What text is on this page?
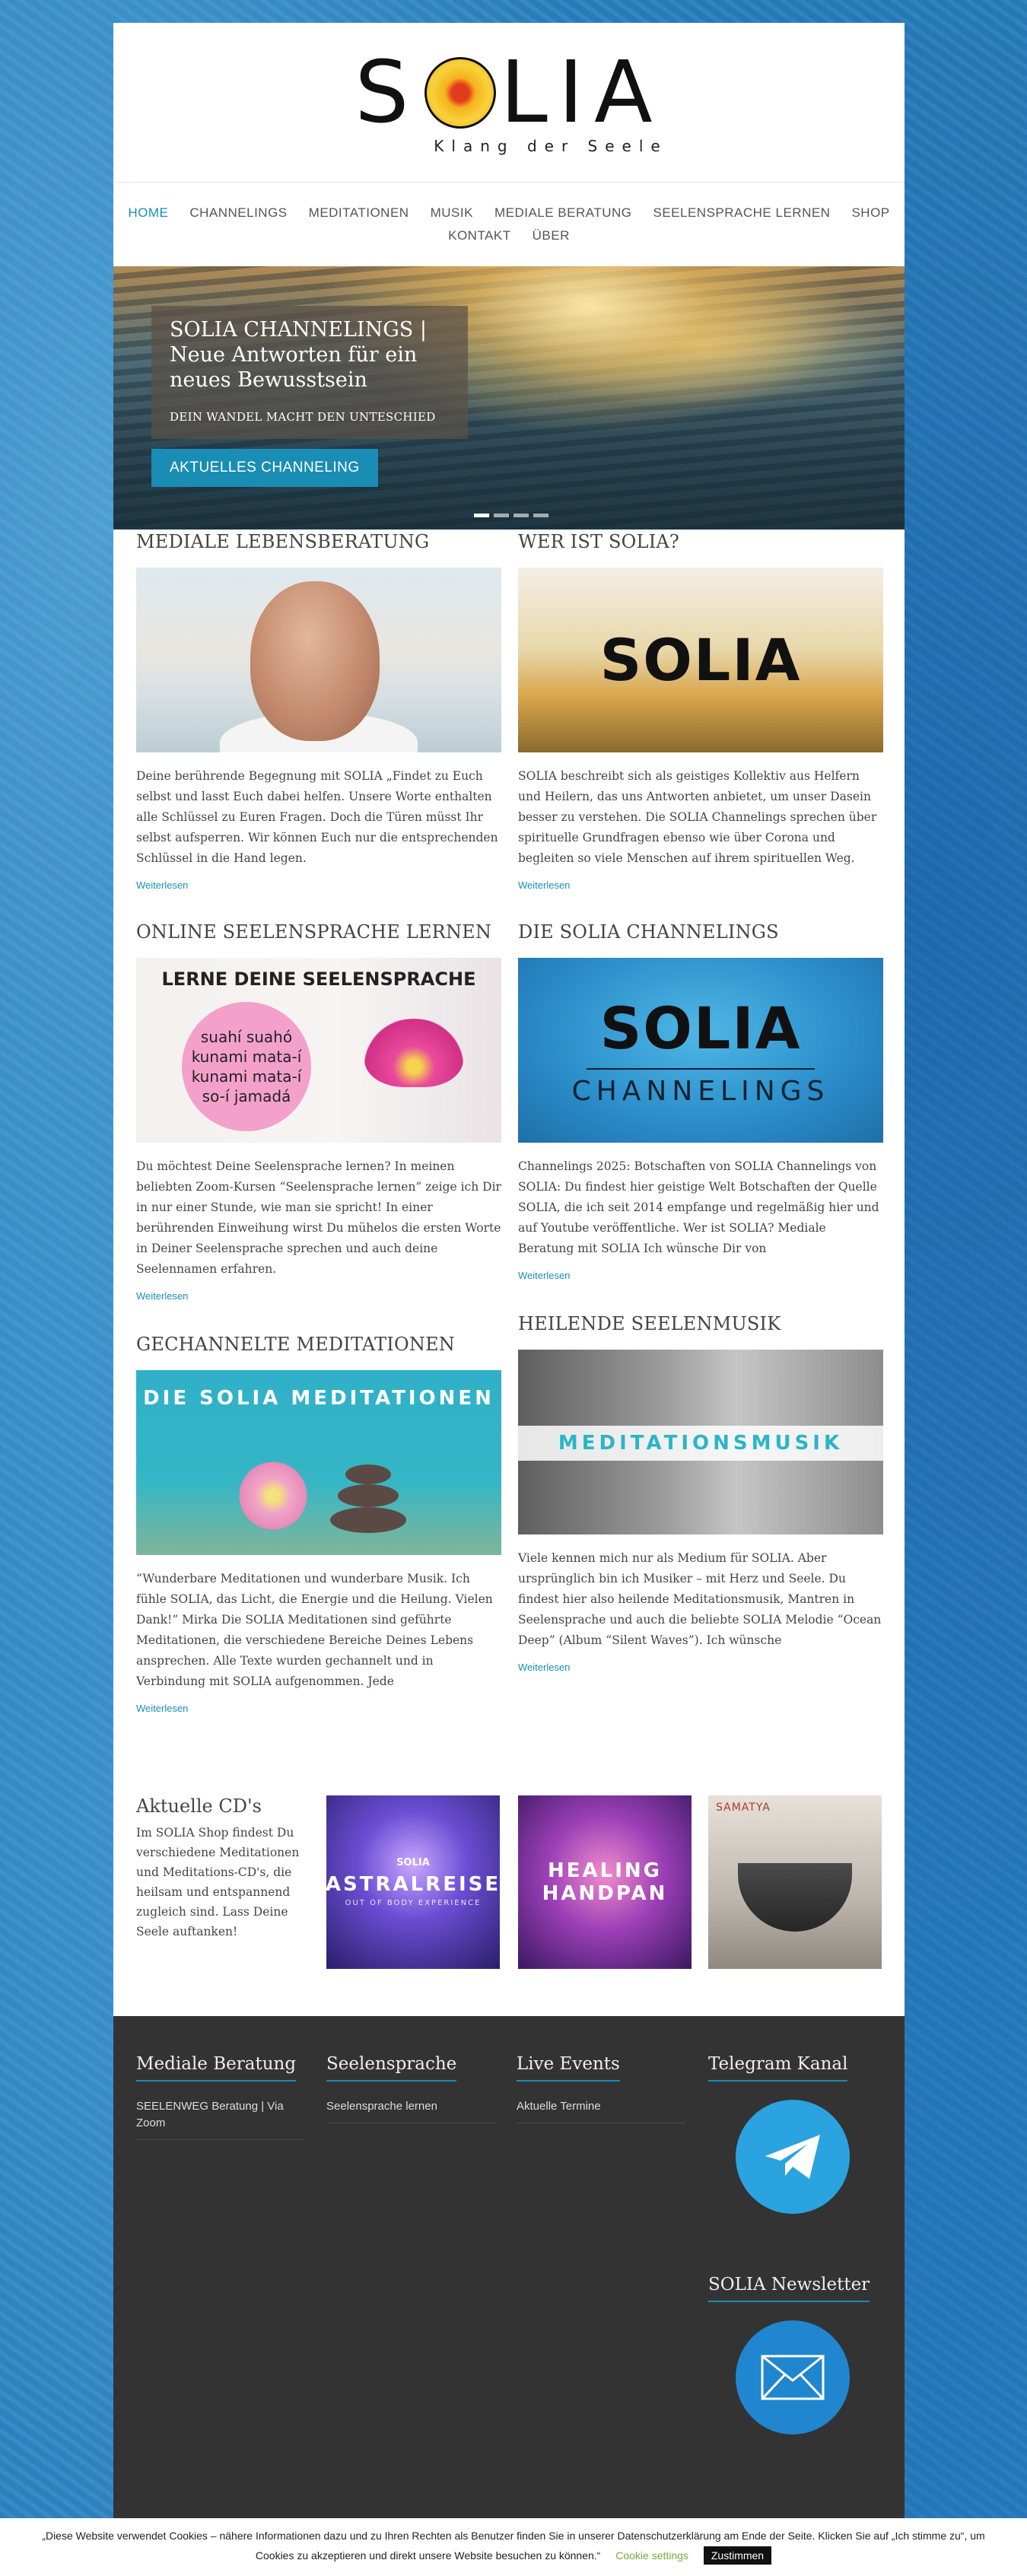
S LIA
Klang der Seele
HOME CHANNELINGS MEDITATIONEN MUSIK MEDIALE BERATUNG SEELENSPRACHE LERNEN SHOP
KONTAKT ÜBER
SOLIA CHANNELINGS | Neue Antworten für ein neues Bewusstsein
DEIN WANDEL MACHT DEN UNTESCHIED
AKTUELLES CHANNELING
MEDIALE LEBENSBERATUNG

Deine berührende Begegnung mit SOLIA „Findet zu Euch selbst und lasst Euch dabei helfen. Unsere Worte enthalten alle Schlüssel zu Euren Fragen. Doch die Türen müsst Ihr selbst aufsperren. Wir können Euch nur die entsprechenden Schlüssel in die Hand legen.

Weiterlesen
ONLINE SEELENSPRACHE LERNEN
LERNE DEINE SEELENSPRACHE
suahí suahó
kunami mata-í
kunami mata-í
so-í jamadá

Du möchtest Deine Seelensprache lernen? In meinen beliebten Zoom-Kursen “Seelensprache lernen” zeige ich Dir in nur einer Stunde, wie man sie spricht! In einer berührenden Einweihung wirst Du mühelos die ersten Worte in Deiner Seelensprache sprechen und auch deine Seelennamen erfahren.

Weiterlesen
GECHANNELTE MEDITATIONEN
DIE SOLIA MEDITATIONEN

“Wunderbare Meditationen und wunderbare Musik. Ich fühle SOLIA, das Licht, die Energie und die Heilung. Vielen Dank!” Mirka Die SOLIA Meditationen sind geführte Meditationen, die verschiedene Bereiche Deines Lebens ansprechen. Alle Texte wurden gechannelt und in Verbindung mit SOLIA aufgenommen. Jede

Weiterlesen
WER IST SOLIA?
SOLIA

SOLIA beschreibt sich als geistiges Kollektiv aus Helfern und Heilern, das uns Antworten anbietet, um unser Dasein besser zu verstehen. Die SOLIA Channelings sprechen über spirituelle Grundfragen ebenso wie über Corona und begleiten so viele Menschen auf ihrem spirituellen Weg.

Weiterlesen
DIE SOLIA CHANNELINGS
SOLIA
CHANNELINGS

Channelings 2025: Botschaften von SOLIA Channelings von SOLIA: Du findest hier geistige Welt Botschaften der Quelle SOLIA, die ich seit 2014 empfange und regelmäßig hier und auf Youtube veröffentliche. Wer ist SOLIA? Mediale Beratung mit SOLIA Ich wünsche Dir von

Weiterlesen
HEILENDE SEELENMUSIK
MEDITATIONSMUSIK

Viele kennen mich nur als Medium für SOLIA. Aber ursprünglich bin ich Musiker – mit Herz und Seele. Du findest hier also heilende Meditationsmusik, Mantren in Seelensprache und auch die beliebte SOLIA Melodie “Ocean Deep” (Album “Silent Waves”). Ich wünsche

Weiterlesen
Aktuelle CD's

Im SOLIA Shop findest Du verschiedene Meditationen und Meditations-CD's, die heilsam und entspannend zugleich sind. Lass Deine Seele auftanken!

SOLIA
ASTRALREISE
OUT OF BODY EXPERIENCE
HEALING
HANDPAN
SAMATYA
Mediale Beratung
SEELENWEG Beratung | Via Zoom
Seelensprache
Seelensprache lernen
Live Events
Aktuelle Termine
Telegram Kanal
SOLIA Newsletter
„Diese Website verwendet Cookies – nähere Informationen dazu und zu Ihren Rechten als Benutzer finden Sie in unserer Datenschutzerklärung am Ende der Seite. Klicken Sie auf „Ich stimme zu“, um
Cookies zu akzeptieren und direkt unsere Website besuchen zu können.“ Cookie settings Zustimmen
